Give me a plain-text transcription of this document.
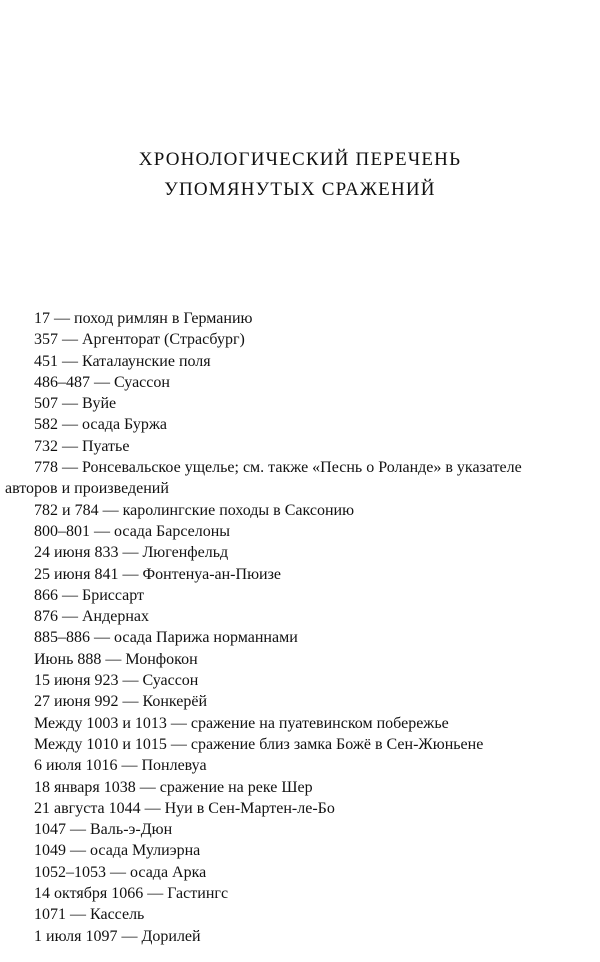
ХРОНОЛОГИЧЕСКИЙ ПЕРЕЧЕНЬ
УПОМЯНУТЫХ СРАЖЕНИЙ
17 — поход римлян в Германию
357 — Аргенторат (Страсбург)
451 — Каталаунские поля
486–487 — Суассон
507 — Вуйе
582 — осада Буржа
732 — Пуатье
778 — Ронсевальское ущелье; см. также «Песнь о Роланде» в указателе
авторов и произведений
782 и 784 — каролингские походы в Саксонию
800–801 — осада Барселоны
24 июня 833 — Люгенфельд
25 июня 841 — Фонтенуа-ан-Пюизе
866 — Бриссарт
876 — Андернах
885–886 — осада Парижа норманнами
Июнь 888 — Монфокон
15 июня 923 — Суассон
27 июня 992 — Конкерёй
Между 1003 и 1013 — сражение на пуатевинском побережье
Между 1010 и 1015 — сражение близ замка Божё в Сен-Жюньене
6 июля 1016 — Понлевуа
18 января 1038 — сражение на реке Шер
21 августа 1044 — Нуи в Сен-Мартен-ле-Бо
1047 — Валь-э-Дюн
1049 — осада Мулиэрна
1052–1053 — осада Арка
14 октября 1066 — Гастингс
1071 — Кассель
1 июля 1097 — Дорилей
